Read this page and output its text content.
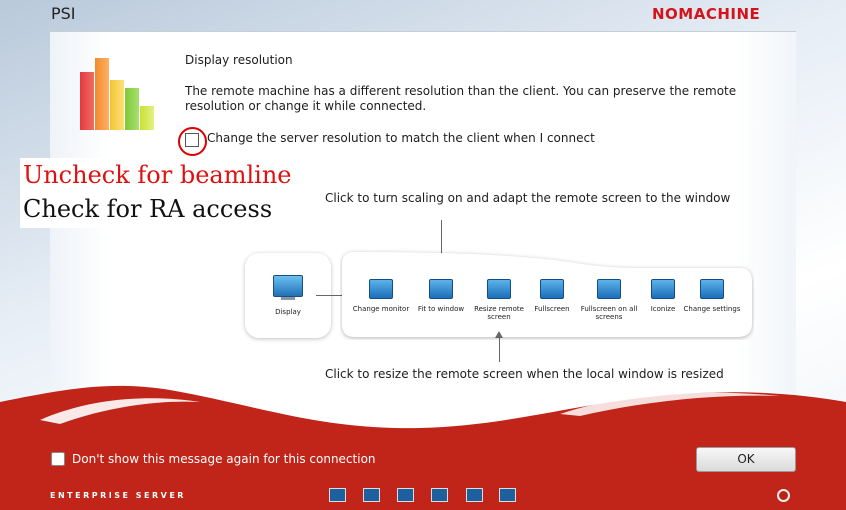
PSI	NOMACHINE
Display resolution
The remote machine has a different resolution than the client. You can preserve the remote resolution or change it while connected.
Change the server resolution to match the client when I connect
Uncheck for beamline
Check for RA access	Click to turn scaling on and adapt the remote screen to the window
Display	Change monitor	Fit to window	Resize remote screen
Fullscreen	Fullscreen on all screens
Iconize	Change settings
Click to resize the remote screen when the local window is resized
Don't show this message again for this connection	OK
ENTERPRISE SERVER
